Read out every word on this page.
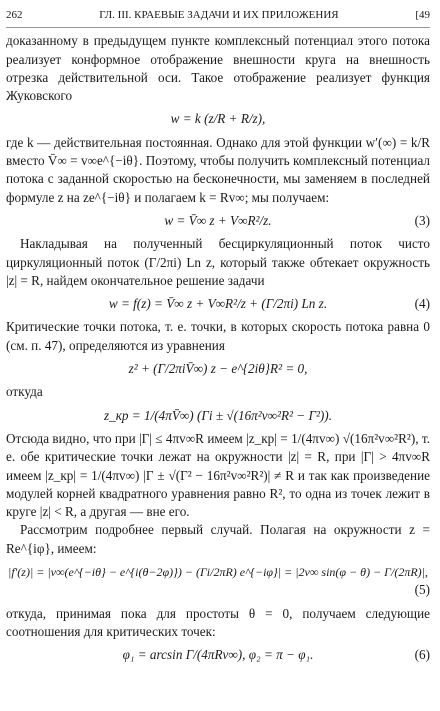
262	ГЛ. III. КРАЕВЫЕ ЗАДАЧИ И ИХ ПРИЛОЖЕНИЯ	[49

доказанному в предыдущем пункте комплексный потенциал этого потока реализует конформное отображение внешности круга на внешность отрезка действительной оси. Такое отображение реализует функция Жуковского

w = k (z/R + R/z),

где k — действительная постоянная. Однако для этой функции w′(∞) = k/R вместо V̄∞ = v∞e^{−iθ}. Поэтому, чтобы получить комплексный потенциал потока с заданной скоростью на бесконечности, мы заменяем в последней формуле z на ze^{−iθ} и полагаем k = Rv∞; мы получаем:

w = V̄∞ z + V∞R²/z.	(3)

Накладывая на полученный бесциркуляционный поток чисто циркуляционный поток (Γ/2πi) Ln z, который также обтекает окружность |z| = R, найдем окончательное решение задачи

w = f(z) = V̄∞ z + V∞R²/z + (Γ/2πi) Ln z.	(4)

Критические точки потока, т. е. точки, в которых скорость потока равна 0 (см. п. 47), определяются из уравнения

z² + (Γ/2πiV̄∞) z − e^{2iθ}R² = 0,

откуда

z_кр = 1/(4πV̄∞) (Γi ± √(16π²v∞²R² − Γ²)).

Отсюда видно, что при |Γ| ≤ 4πv∞R имеем |z_кр| = 1/(4πv∞) √(16π²v∞²R²), т. е. обе критические точки лежат на окружности |z| = R, при |Γ| > 4πv∞R имеем |z_кр| = 1/(4πv∞) |Γ ± √(Γ² − 16π²v∞²R²)| ≠ R и так как произведение модулей корней квадратного уравнения равно R², то одна из точек лежит в круге |z| < R, а другая — вне его.

Рассмотрим подробнее первый случай. Полагая на окружности z = Re^{iφ}, имеем:

|f′(z)| = |v∞(e^{−iθ} − e^{i(θ−2φ)}) − (Γi/2πR) e^{−iφ}| = |2v∞ sin(φ − θ) − Γ/(2πR)|,
(5)

откуда, принимая пока для простоты θ = 0, получаем следующие соотношения для критических точек:

φ₁ = arcsin Γ/(4πRv∞), φ₂ = π − φ₁.	(6)
